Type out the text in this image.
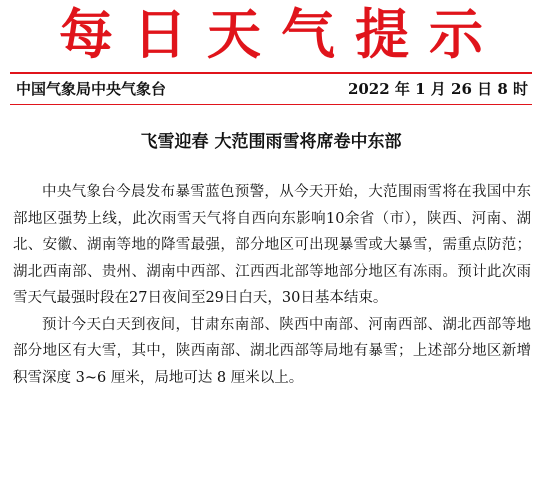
每日天气提示
中国气象局中央气象台	2022 年 1 月 26 日 8 时
飞雪迎春 大范围雨雪将席卷中东部

中央气象台今晨发布暴雪蓝色预警，从今天开始，大范围雨雪将在我国中东部地区强势上线，此次雨雪天气将自西向东影响10余省（市），陕西、河南、湖北、安徽、湖南等地的降雪最强，部分地区可出现暴雪或大暴雪，需重点防范；湖北西南部、贵州、湖南中西部、江西西北部等地部分地区有冻雨。预计此次雨雪天气最强时段在27日夜间至29日白天，30日基本结束。

预计今天白天到夜间，甘肃东南部、陕西中南部、河南西部、湖北西部等地部分地区有大雪，其中，陕西南部、湖北西部等局地有暴雪；上述部分地区新增积雪深度 3~6 厘米，局地可达 8 厘米以上。
